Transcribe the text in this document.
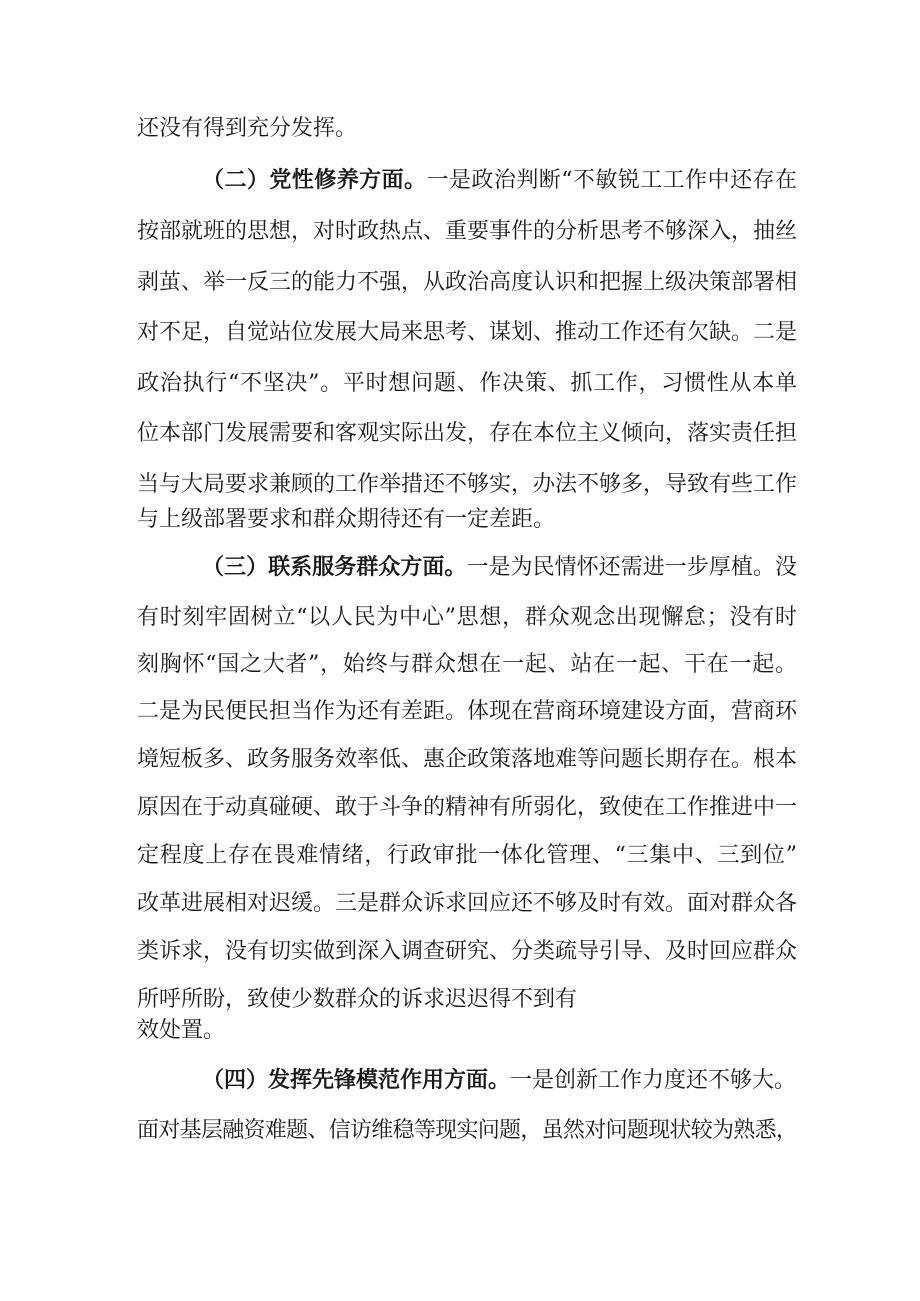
还没有得到充分发挥。
（二）党性修养方面。一是政治判断“不敏锐工工作中还存在
按部就班的思想，对时政热点、重要事件的分析思考不够深入，抽丝
剥茧、举一反三的能力不强，从政治高度认识和把握上级决策部署相
对不足，自觉站位发展大局来思考、谋划、推动工作还有欠缺。二是
政治执行“不坚决”。平时想问题、作决策、抓工作，习惯性从本单
位本部门发展需要和客观实际出发，存在本位主义倾向，落实责任担
当与大局要求兼顾的工作举措还不够实，办法不够多，导致有些工作
与上级部署要求和群众期待还有一定差距。
（三）联系服务群众方面。一是为民情怀还需进一步厚植。没
有时刻牢固树立“以人民为中心”思想，群众观念出现懈怠；没有时
刻胸怀“国之大者”，始终与群众想在一起、站在一起、干在一起。
二是为民便民担当作为还有差距。体现在营商环境建设方面，营商环
境短板多、政务服务效率低、惠企政策落地难等问题长期存在。根本
原因在于动真碰硬、敢于斗争的精神有所弱化，致使在工作推进中一
定程度上存在畏难情绪，行政审批一体化管理、“三集中、三到位”
改革进展相对迟缓。三是群众诉求回应还不够及时有效。面对群众各
类诉求，没有切实做到深入调查研究、分类疏导引导、及时回应群众
所呼所盼，致使少数群众的诉求迟迟得不到有
效处置。
（四）发挥先锋模范作用方面。一是创新工作力度还不够大。
面对基层融资难题、信访维稳等现实问题，虽然对问题现状较为熟悉，
